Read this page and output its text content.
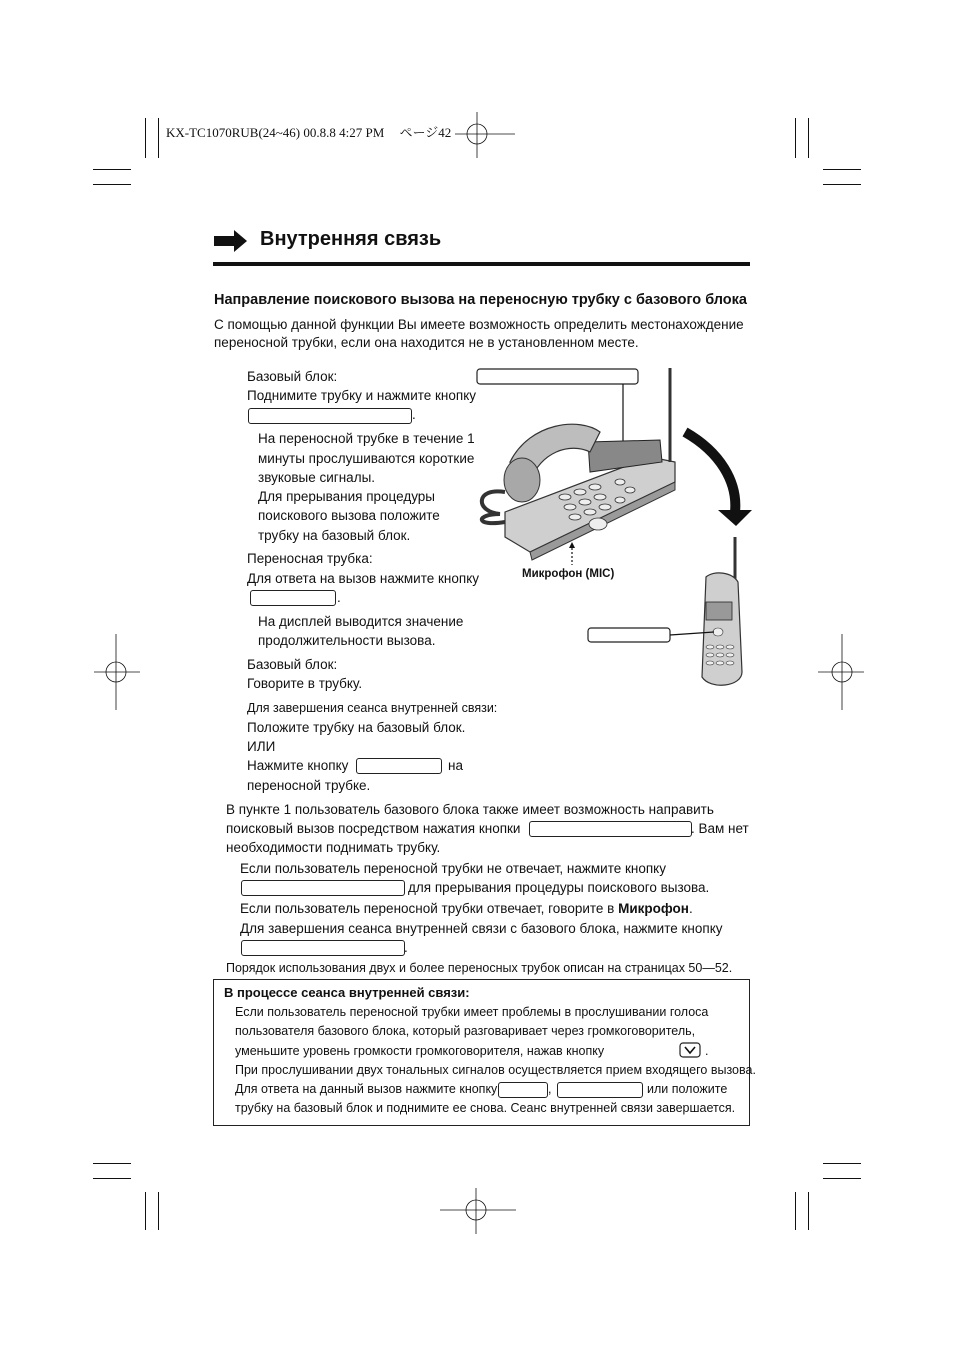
KX-TC1070RUB(24~46) 00.8.8 4:27 PM ページ42
Внутренняя связь
Направление поискового вызова на переносную трубку с базового блока
С помощью данной функции Вы имеете возможность определить местонахождение
переносной трубки, если она находится не в установленном месте.
Базовый блок:
Поднимите трубку и нажмите кнопку
.
На переносной трубке в течение 1
минуты прослушиваются короткие
звуковые сигналы.
Для прерывания процедуры
поискового вызова положите
трубку на базовый блок.
Переносная трубка:
Для ответа на вызов нажмите кнопку
.
На дисплей выводится значение
продолжительности вызова.
Базовый блок:
Говорите в трубку.
Для завершения сеанса внутренней связи:
Положите трубку на базовый блок.
ИЛИ
Нажмите кнопку	на
переносной трубке.
Микрофон (MIC)
В пункте 1 пользователь базового блока также имеет возможность направить
поисковый вызов посредством нажатия кнопки	. Вам нет
необходимости поднимать трубку.
Если пользователь переносной трубки не отвечает, нажмите кнопку
для прерывания процедуры поискового вызова.
Если пользователь переносной трубки отвечает, говорите в Микрофон.
Для завершения сеанса внутренней связи с базового блока, нажмите кнопку
.
Порядок использования двух и более переносных трубок описан на страницах 50—52.
В процессе сеанса внутренней связи:
Если пользователь переносной трубки имеет проблемы в прослушивании голоса
пользователя базового блока, который разговаривает через громкоговоритель,
уменьшите уровень громкости громкоговорителя, нажав кнопку	.
При прослушивании двух тональных сигналов осуществляется прием входящего вызова.
Для ответа на данный вызов нажмите кнопку	,	или положите
трубку на базовый блок и поднимите ее снова. Сеанс внутренней связи завершается.
